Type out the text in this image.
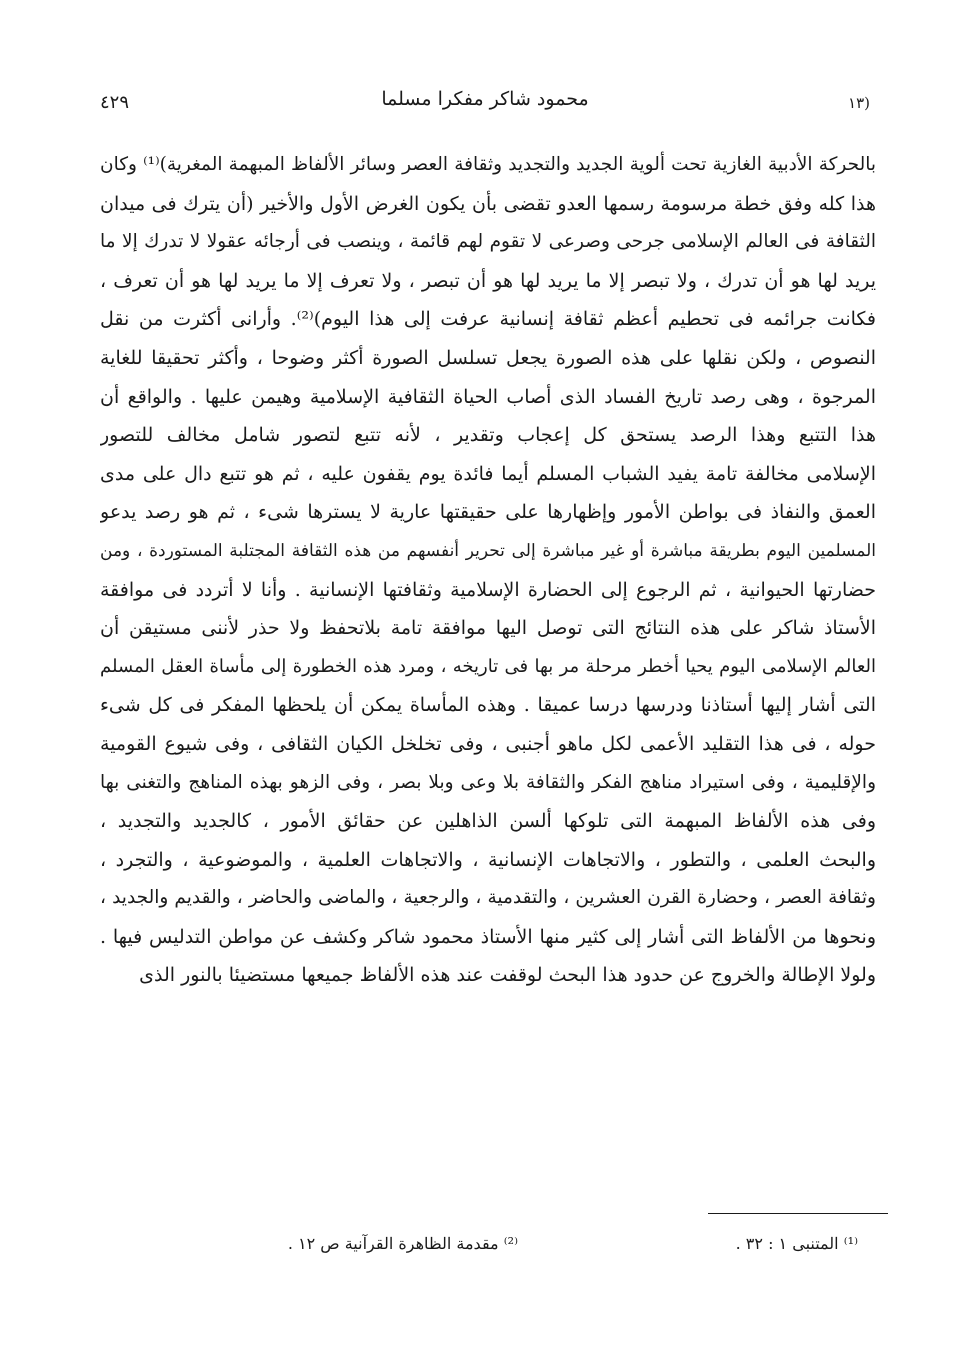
(١٣
محمود شاكر مفكرا مسلما
٤٢٩
بالحركة الأدبية الغازية تحت ألوية الجديد والتجديد وثقافة العصر وسائر الألفاظ المبهمة المغرية)⁽¹⁾ وكان
هذا كله وفق خطة مرسومة رسمها العدو تقضى بأن يكون الغرض الأول والأخير (أن يترك فى ميدان
الثقافة فى العالم الإسلامى جرحى وصرعى لا تقوم لهم قائمة ، وينصب فى أرجائه عقولا لا تدرك إلا ما
يريد لها هو أن تدرك ، ولا تبصر إلا ما يريد لها هو أن تبصر ، ولا تعرف إلا ما يريد لها هو أن تعرف ،
فكانت جرائمه فى تحطيم أعظم ثقافة إنسانية عرفت إلى هذا اليوم)⁽²⁾. وأرانى أكثرت من نقل
النصوص ، ولكن نقلها على هذه الصورة يجعل تسلسل الصورة أكثر وضوحا ، وأكثر تحقيقا للغاية
المرجوة ، وهى رصد تاريخ الفساد الذى أصاب الحياة الثقافية الإسلامية وهيمن عليها . والواقع أن
هذا التتبع وهذا الرصد يستحق كل إعجاب وتقدير ، لأنه تتبع لتصور شامل مخالف للتصور
الإسلامى مخالفة تامة يفيد الشباب المسلم أيما فائدة يوم يقفون عليه ، ثم هو تتبع دال على مدى
العمق والنفاذ فى بواطن الأمور وإظهارها على حقيقتها عارية لا يسترها شىء ، ثم هو رصد يدعو
المسلمين اليوم بطريقة مباشرة أو غير مباشرة إلى تحرير أنفسهم من هذه الثقافة المجتلبة المستوردة ، ومن
حضارتها الحيوانية ، ثم الرجوع إلى الحضارة الإسلامية وثقافتها الإنسانية . وأنا لا أتردد فى موافقة
الأستاذ شاكر على هذه النتائج التى توصل اليها موافقة تامة بلاتحفظ ولا حذر لأننى مستيقن أن
العالم الإسلامى اليوم يحيا أخطر مرحلة مر بها فى تاريخه ، ومرد هذه الخطورة إلى مأساة العقل المسلم
التى أشار إليها أستاذنا ودرسها درسا عميقا . وهذه المأساة يمكن أن يلحظها المفكر فى كل شىء
حوله ، فى هذا التقليد الأعمى لكل ماهو أجنبى ، وفى تخلخل الكيان الثقافى ، وفى شيوع القومية
والإقليمية ، وفى استيراد مناهج الفكر والثقافة بلا وعى وبلا بصر ، وفى الزهو بهذه المناهج والتغنى بها
وفى هذه الألفاظ المبهمة التى تلوكها ألسن الذاهلين عن حقائق الأمور ، كالجديد والتجديد ،
والبحث العلمى ، والتطور ، والاتجاهات الإنسانية ، والاتجاهات العلمية ، والموضوعية ، والتجرد ،
وثقافة العصر ، وحضارة القرن العشرين ، والتقدمية ، والرجعية ، والماضى والحاضر ، والقديم والجديد ،
ونحوها من الألفاظ التى أشار إلى كثير منها الأستاذ محمود شاكر وكشف عن مواطن التدليس فيها .
ولولا الإطالة والخروج عن حدود هذا البحث لوقفت عند هذه الألفاظ جميعها مستضيئا بالنور الذى
⁽¹⁾ المتنبى ١ : ٣٢ .
⁽²⁾ مقدمة الظاهرة القرآنية ص ١٢ .
